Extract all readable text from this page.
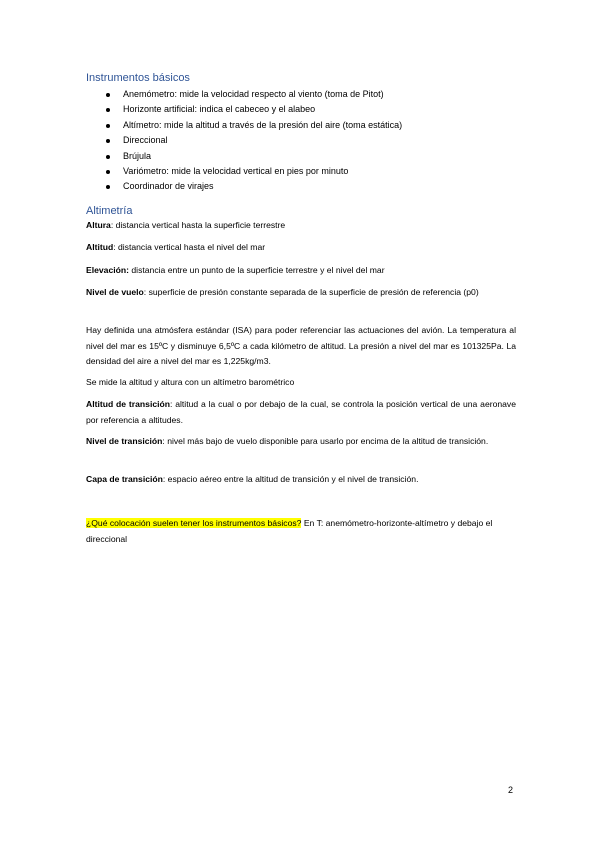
Instrumentos básicos
Anemómetro: mide la velocidad respecto al viento (toma de Pitot)
Horizonte artificial: indica el cabeceo y el alabeo
Altímetro: mide la altitud a través de la presión del aire (toma estática)
Direccional
Brújula
Variómetro: mide la velocidad vertical en pies por minuto
Coordinador de virajes
Altimetría

Altura: distancia vertical hasta la superficie terrestre

Altitud: distancia vertical hasta el nivel del mar

Elevación: distancia entre un punto de la superficie terrestre y el nivel del mar

Nivel de vuelo: superficie de presión constante separada de la superficie de presión de referencia (p0)

Hay definida una atmósfera estándar (ISA) para poder referenciar las actuaciones del avión. La temperatura al nivel del mar es 15ºC y disminuye 6,5ºC a cada kilómetro de altitud. La presión a nivel del mar es 101325Pa. La densidad del aire a nivel del mar es 1,225kg/m3.

Se mide la altitud y altura con un altímetro barométrico

Altitud de transición: altitud a la cual o por debajo de la cual, se controla la posición vertical de una aeronave por referencia a altitudes.

Nivel de transición: nivel más bajo de vuelo disponible para usarlo por encima de la altitud de transición.

Capa de transición: espacio aéreo entre la altitud de transición y el nivel de transición.

¿Qué colocación suelen tener los instrumentos básicos? En T: anemómetro-horizonte-altímetro y debajo el direccional

2
